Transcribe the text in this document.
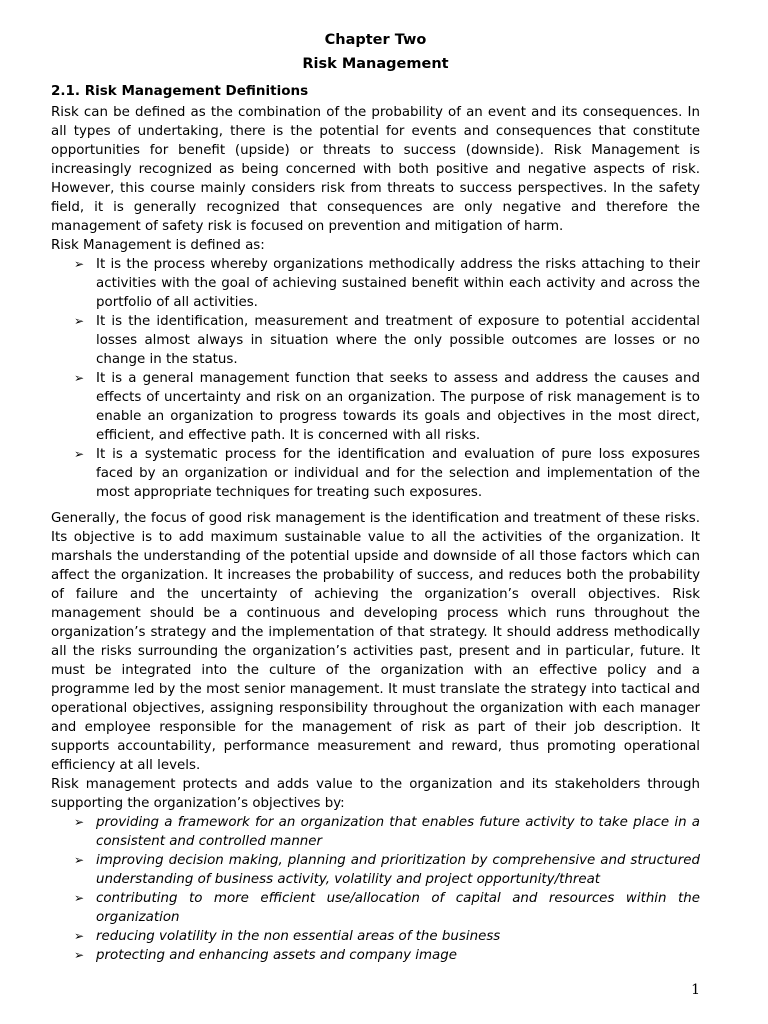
Chapter Two
Risk Management
2.1. Risk Management Definitions

Risk can be defined as the combination of the probability of an event and its consequences. In all types of undertaking, there is the potential for events and consequences that constitute opportunities for benefit (upside) or threats to success (downside). Risk Management is increasingly recognized as being concerned with both positive and negative aspects of risk. However, this course mainly considers risk from threats to success perspectives. In the safety field, it is generally recognized that consequences are only negative and therefore the management of safety risk is focused on prevention and mitigation of harm.

Risk Management is defined as:

➢ It is the process whereby organizations methodically address the risks attaching to their activities with the goal of achieving sustained benefit within each activity and across the portfolio of all activities.
➢ It is the identification, measurement and treatment of exposure to potential accidental losses almost always in situation where the only possible outcomes are losses or no change in the status.
➢ It is a general management function that seeks to assess and address the causes and effects of uncertainty and risk on an organization. The purpose of risk management is to enable an organization to progress towards its goals and objectives in the most direct, efficient, and effective path. It is concerned with all risks.
➢ It is a systematic process for the identification and evaluation of pure loss exposures faced by an organization or individual and for the selection and implementation of the most appropriate techniques for treating such exposures.

Generally, the focus of good risk management is the identification and treatment of these risks. Its objective is to add maximum sustainable value to all the activities of the organization. It marshals the understanding of the potential upside and downside of all those factors which can affect the organization. It increases the probability of success, and reduces both the probability of failure and the uncertainty of achieving the organization’s overall objectives. Risk management should be a continuous and developing process which runs throughout the organization’s strategy and the implementation of that strategy. It should address methodically all the risks surrounding the organization’s activities past, present and in particular, future. It must be integrated into the culture of the organization with an effective policy and a programme led by the most senior management. It must translate the strategy into tactical and operational objectives, assigning responsibility throughout the organization with each manager and employee responsible for the management of risk as part of their job description. It supports accountability, performance measurement and reward, thus promoting operational efficiency at all levels.

Risk management protects and adds value to the organization and its stakeholders through supporting the organization’s objectives by:

➢ providing a framework for an organization that enables future activity to take place in a consistent and controlled manner
➢ improving decision making, planning and prioritization by comprehensive and structured understanding of business activity, volatility and project opportunity/threat
➢ contributing to more efficient use/allocation of capital and resources within the organization
➢ reducing volatility in the non essential areas of the business
➢ protecting and enhancing assets and company image
1
